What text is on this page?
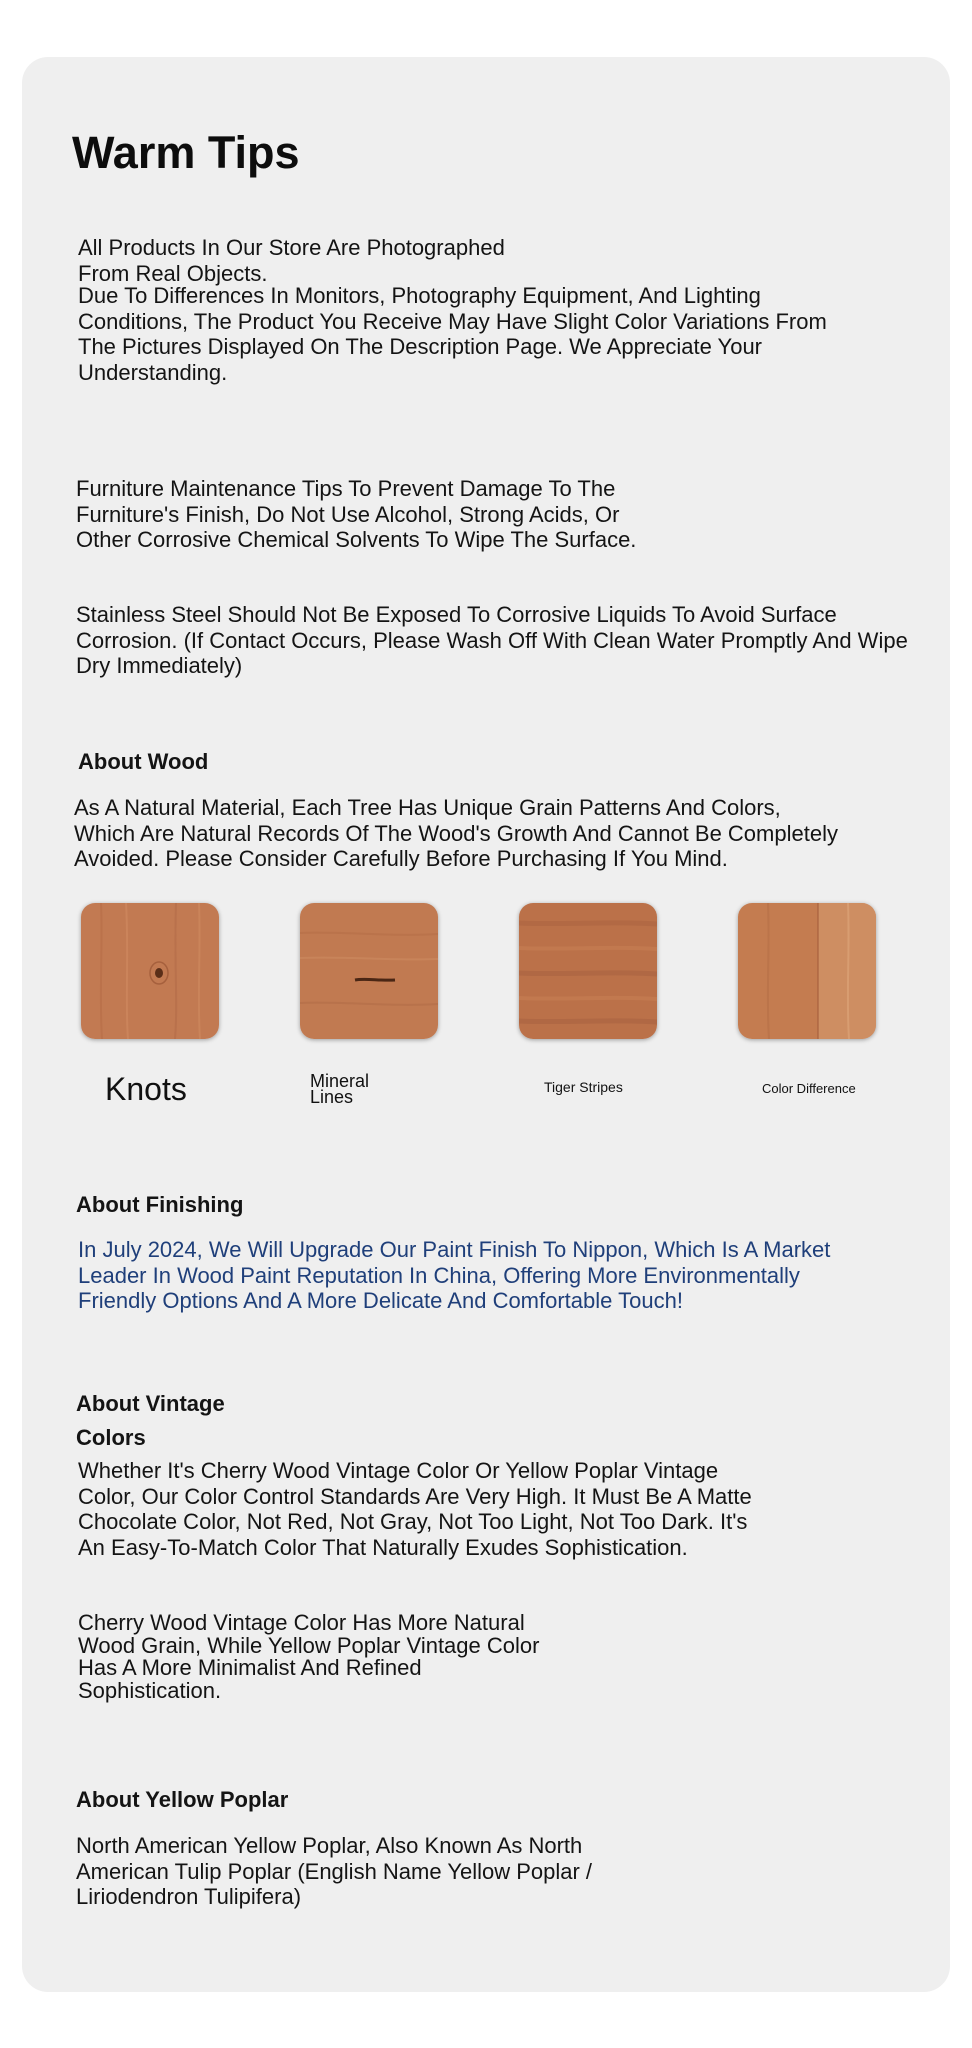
Warm Tips

All Products In Our Store Are Photographed
From Real Objects.

Due To Differences In Monitors, Photography Equipment, And Lighting
Conditions, The Product You Receive May Have Slight Color Variations From
The Pictures Displayed On The Description Page. We Appreciate Your
Understanding.

Furniture Maintenance Tips To Prevent Damage To The
Furniture's Finish, Do Not Use Alcohol, Strong Acids, Or
Other Corrosive Chemical Solvents To Wipe The Surface.

Stainless Steel Should Not Be Exposed To Corrosive Liquids To Avoid Surface
Corrosion. (If Contact Occurs, Please Wash Off With Clean Water Promptly And Wipe
Dry Immediately)

About Wood

As A Natural Material, Each Tree Has Unique Grain Patterns And Colors,
Which Are Natural Records Of The Wood's Growth And Cannot Be Completely
Avoided. Please Consider Carefully Before Purchasing If You Mind.

Knots	Mineral
Lines	Tiger Stripes	Color Difference
About Finishing

In July 2024, We Will Upgrade Our Paint Finish To Nippon, Which Is A Market
Leader In Wood Paint Reputation In China, Offering More Environmentally
Friendly Options And A More Delicate And Comfortable Touch!

About Vintage
Colors

Whether It's Cherry Wood Vintage Color Or Yellow Poplar Vintage
Color, Our Color Control Standards Are Very High. It Must Be A Matte
Chocolate Color, Not Red, Not Gray, Not Too Light, Not Too Dark. It's
An Easy-To-Match Color That Naturally Exudes Sophistication.

Cherry Wood Vintage Color Has More Natural
Wood Grain, While Yellow Poplar Vintage Color
Has A More Minimalist And Refined
Sophistication.

About Yellow Poplar

North American Yellow Poplar, Also Known As North
American Tulip Poplar (English Name Yellow Poplar /
Liriodendron Tulipifera)
